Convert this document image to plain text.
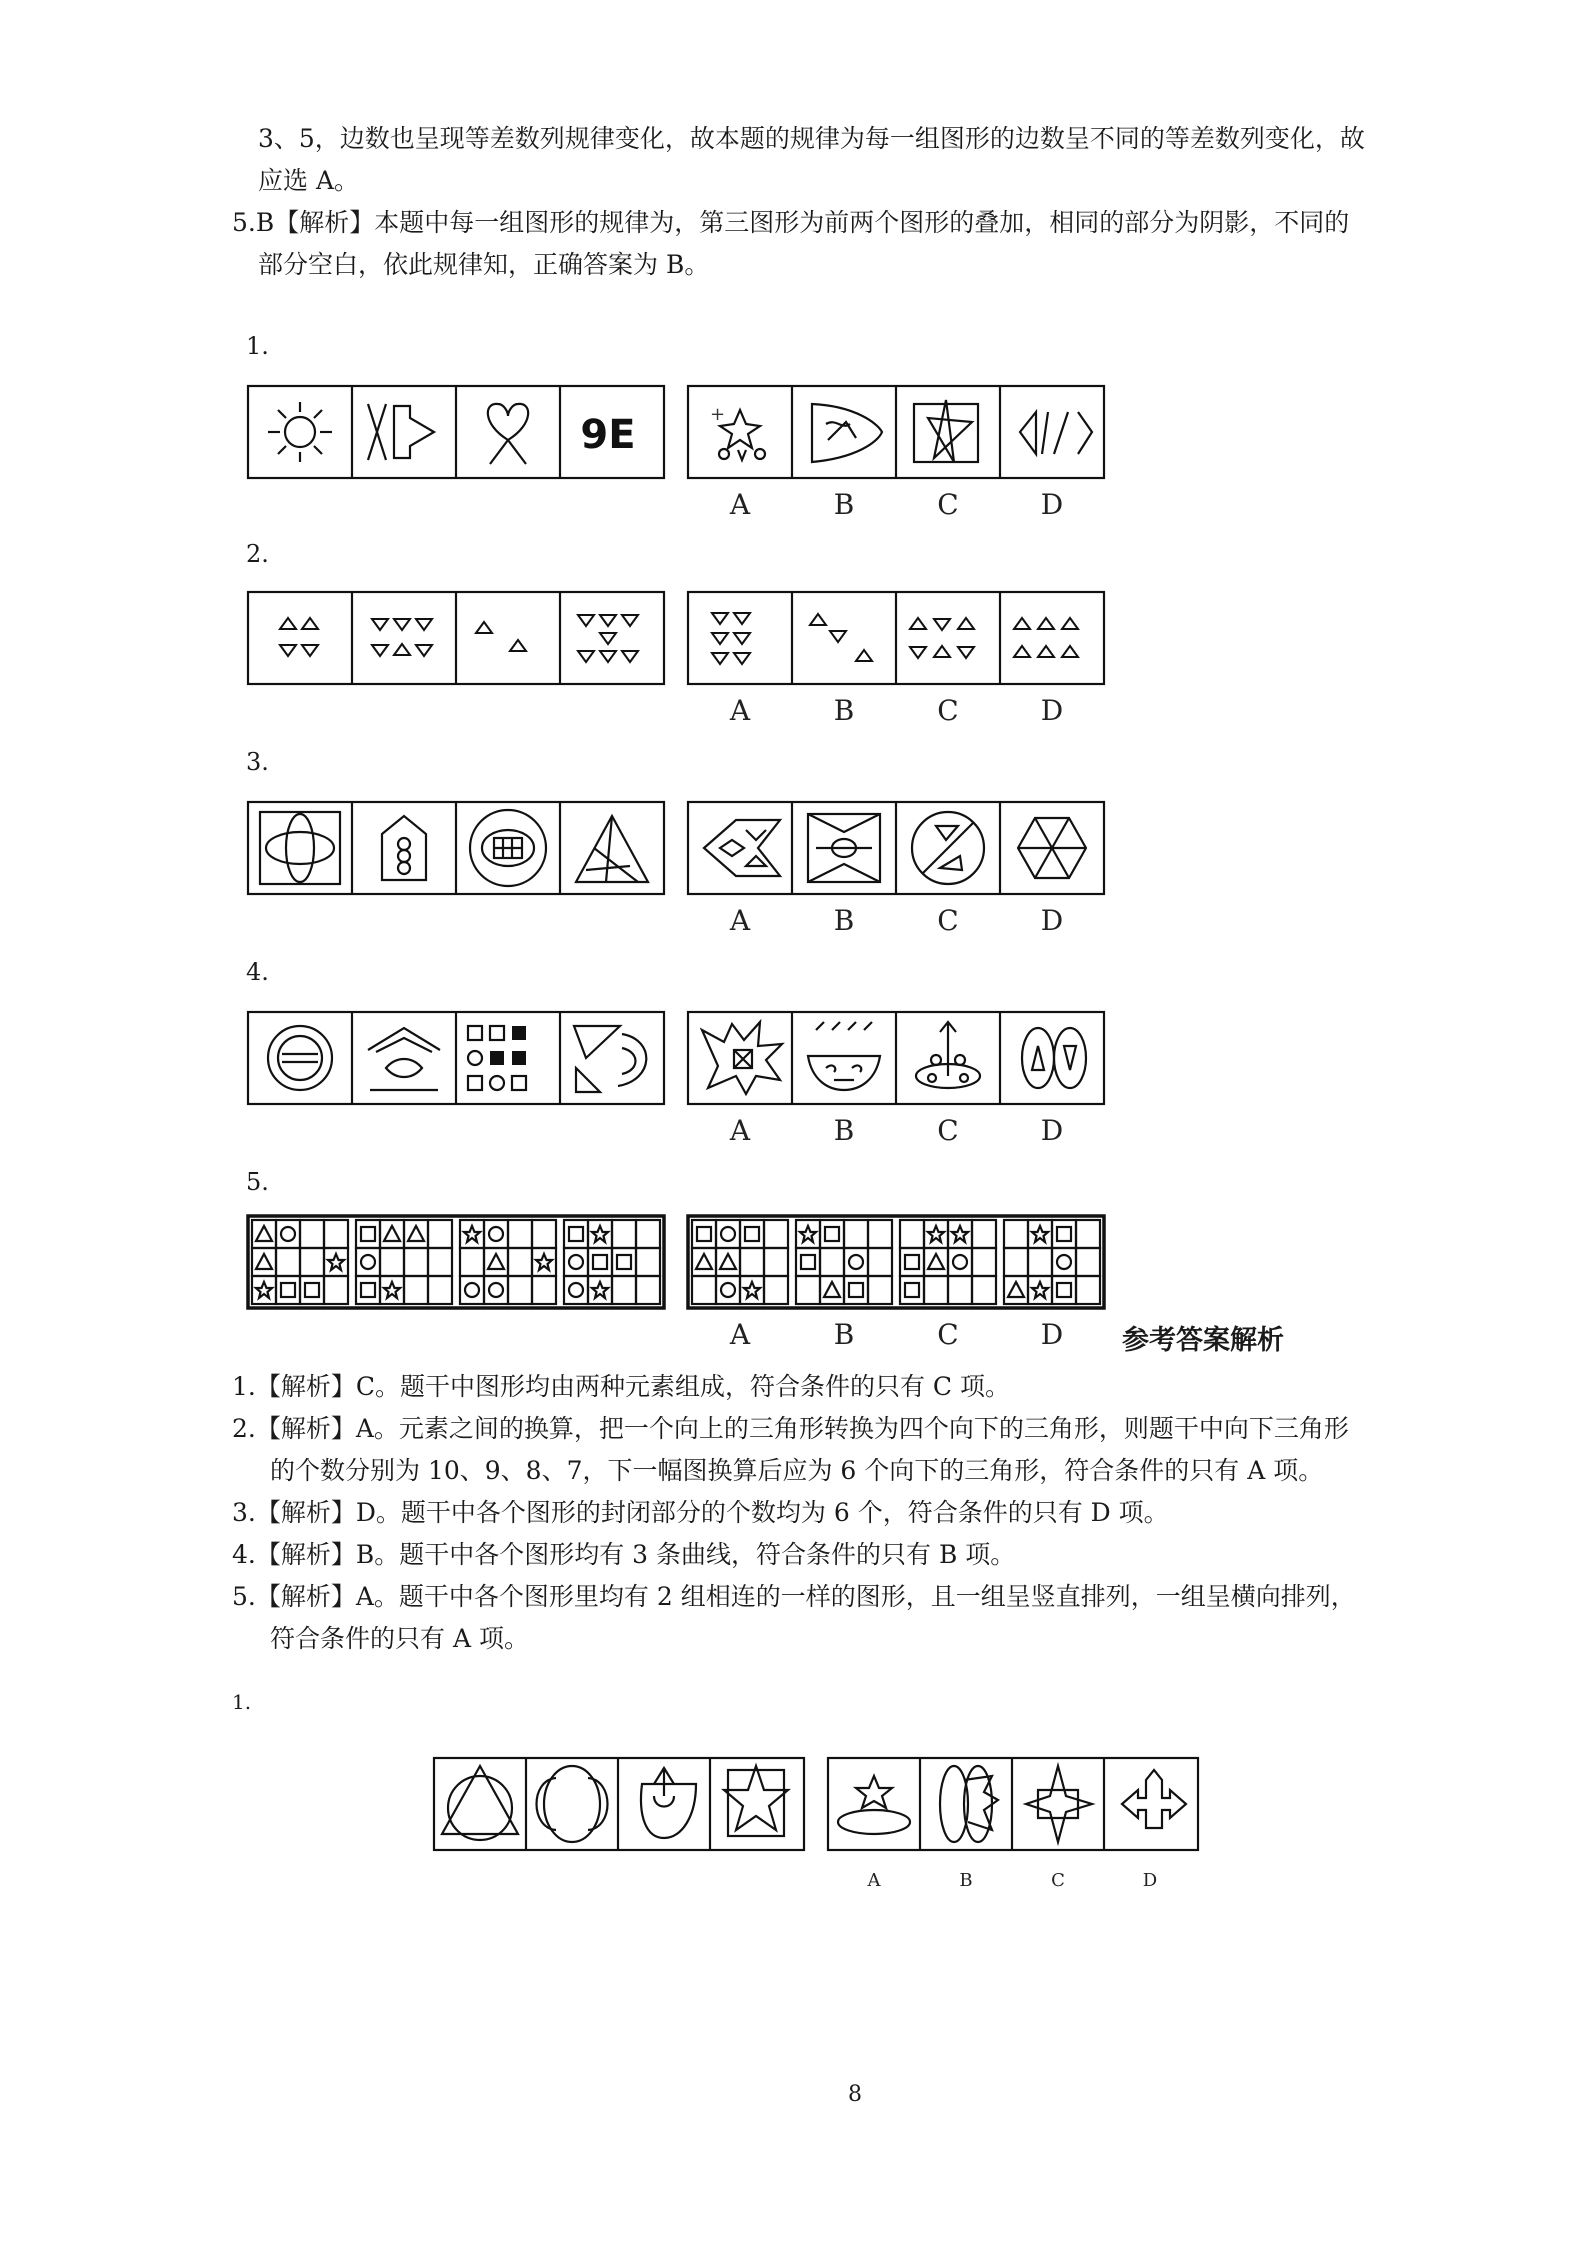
3、5，边数也呈现等差数列规律变化，故本题的规律为每一组图形的边数呈不同的等差数列变化，故
应选 A。
5.B【解析】本题中每一组图形的规律为，第三图形为前两个图形的叠加，相同的部分为阴影，不同的
部分空白，依此规律知，正确答案为 B。
1.
2.
3.
4.
5.
9E	+
A	B	C	D
A	B	C	D
A	B	C	D
A	B	C	D
A	B	C	D 参考答案解析
1.【解析】C。题干中图形均由两种元素组成，符合条件的只有 C 项。
2.【解析】A。元素之间的换算，把一个向上的三角形转换为四个向下的三角形，则题干中向下三角形
的个数分别为 10、9、8、7，下一幅图换算后应为 6 个向下的三角形，符合条件的只有 A 项。
3.【解析】D。题干中各个图形的封闭部分的个数均为 6 个，符合条件的只有 D 项。
4.【解析】B。题干中各个图形均有 3 条曲线，符合条件的只有 B 项。
5.【解析】A。题干中各个图形里均有 2 组相连的一样的图形，且一组呈竖直排列，一组呈横向排列，
符合条件的只有 A 项。
1.
A	B	C	D
8
